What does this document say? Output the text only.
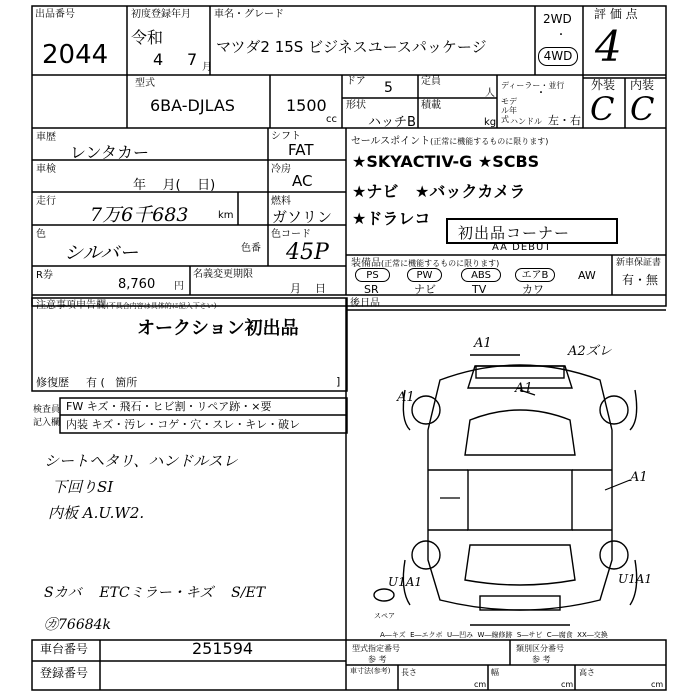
出品番号
2044
初度登録年月
令和
4 7 月
車名・グレード
マツダ2 15S ビジネスユースパッケージ
2WD
・
4WD
評 価 点
4
型式
6BA-DJLAS	1500
cc
ドア 5	定員
人
形状
ハッチB
積載
kg
ディーラー・並行
・
モデル年式 ハンドル 左・右
外装 内装
C C
車歴
レンタカー
シフト
FAT
車検
年    月(    日)
冷房
AC
走行
7万6千683	km
燃料
ガソリン
色
シルバー	色番
色コード
45P
R券
8,760 円
名義変更期限
月    日
セールスポイント(正常に機能するものに限ります)
★SKYACTIV-G ★SCBS
★ナビ   ★バックカメラ
★ドラレコ
初出品コーナー
AA DEBUT
装備品(正常に機能するものに限ります)
PS	PW	ABS	エアB	AW
SR	ナビ	TV	カワ
新車保証書
有・無
注意事項申告欄(不具合内容は具体的に記入下さい)
オークション初出品
修復歴 有 (   箇所	]
後日品
検査員
記入欄
FW キズ・飛石・ヒビ割・リペア跡・×要
内装 キズ・汚レ・コゲ・穴・スレ・キレ・破レ
シートヘタリ、ハンドルスレ
下回りSI
内板 A.U.W2.
Sカバ    ETCミラー・キズ    S/ET
㋕76684k
A1
A2ズレ
A1
A1
A1
U1A1	U1A1
スペア
A―キズ  E―エクボ  U―凹み  W―線修跡  S―サビ  C―腐食  XX―交換
車台番号	251594
登録番号
型式指定番号
参 考
類別区分番号
参 考
車寸法(参考)	長さ
cm
幅
cm
高さ
cm
